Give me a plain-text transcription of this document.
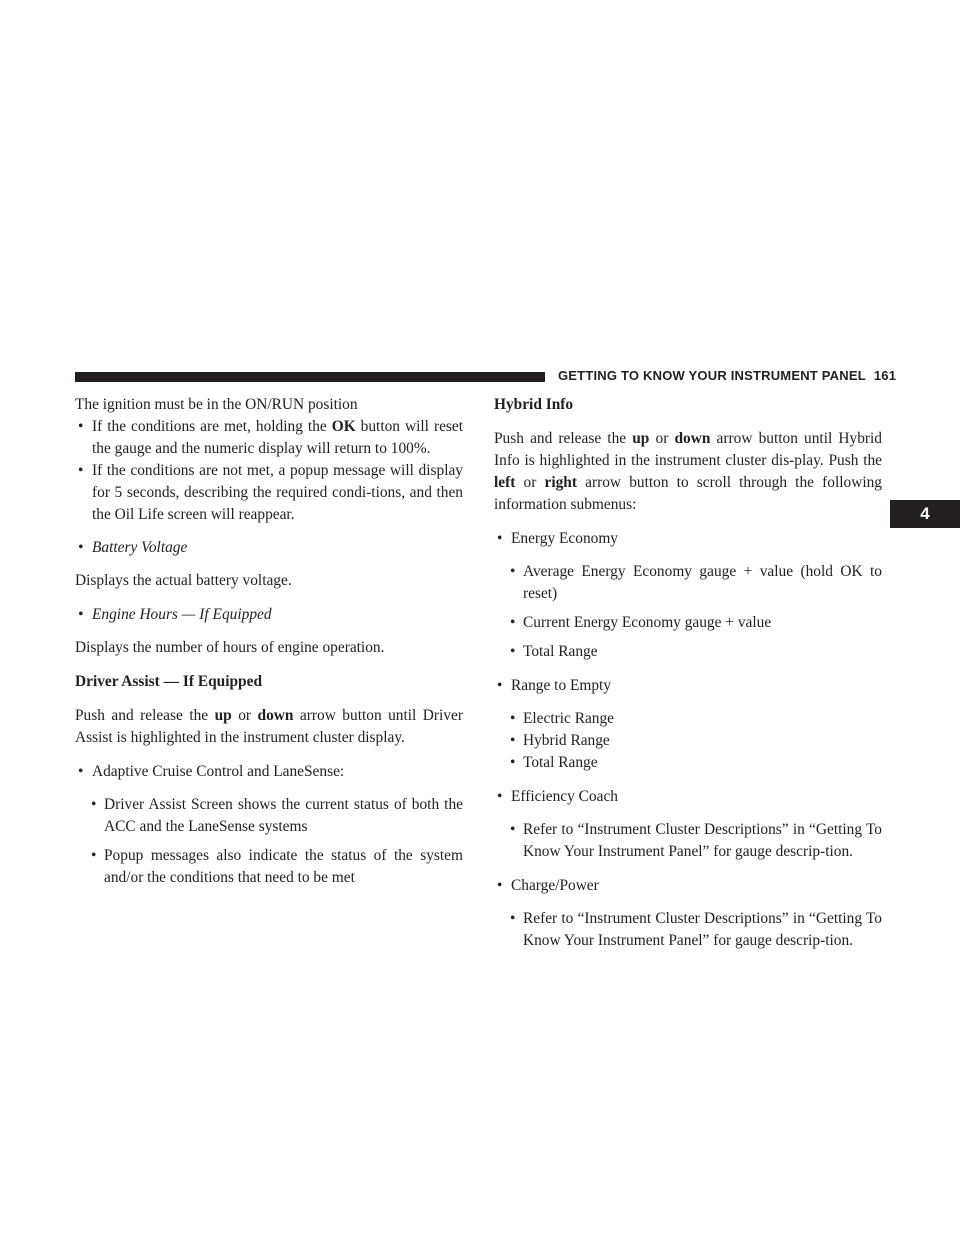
GETTING TO KNOW YOUR INSTRUMENT PANEL 161
4

The ignition must be in the ON/RUN position

• If the conditions are met, holding the OK button will reset the gauge and the numeric display will return to 100%.
• If the conditions are not met, a popup message will display for 5 seconds, describing the required condi-tions, and then the Oil Life screen will reappear.
• Battery Voltage

Displays the actual battery voltage.

• Engine Hours — If Equipped

Displays the number of hours of engine operation.

Driver Assist — If Equipped

Push and release the up or down arrow button until Driver Assist is highlighted in the instrument cluster display.

• Adaptive Cruise Control and LaneSense:
• Driver Assist Screen shows the current status of both the ACC and the LaneSense systems
• Popup messages also indicate the status of the system and/or the conditions that need to be met

Hybrid Info

Push and release the up or down arrow button until Hybrid Info is highlighted in the instrument cluster dis-play. Push the left or right arrow button to scroll through the following information submenus:

• Energy Economy
• Average Energy Economy gauge + value (hold OK to reset)
• Current Energy Economy gauge + value
• Total Range
• Range to Empty
• Electric Range
• Hybrid Range
• Total Range
• Efficiency Coach
• Refer to “Instrument Cluster Descriptions” in “Getting To Know Your Instrument Panel” for gauge descrip-tion.
• Charge/Power
• Refer to “Instrument Cluster Descriptions” in “Getting To Know Your Instrument Panel” for gauge descrip-tion.
